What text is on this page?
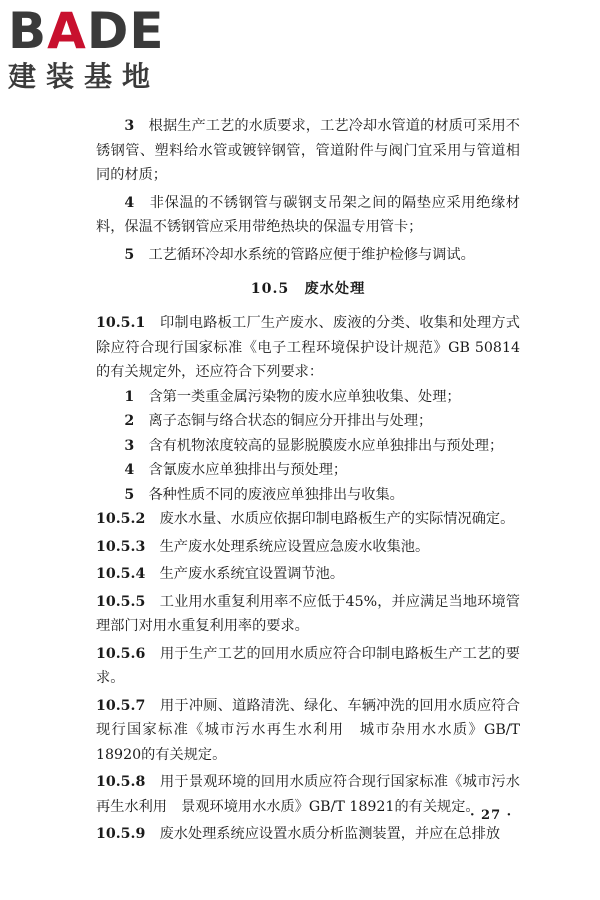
BADE
建装基地

3　 根据生产工艺的水质要求，工艺冷却水管道的材质可采用不锈钢管、塑料给水管或镀锌钢管，管道附件与阀门宜采用与管道相同的材质；

4　 非保温的不锈钢管与碳钢支吊架之间的隔垫应采用绝缘材料，保温不锈钢管应采用带绝热块的保温专用管卡；

5　 工艺循环冷却水系统的管路应便于维护检修与调试。

10.5　 废水处理

10.5.1　 印制电路板工厂生产废水、废液的分类、收集和处理方式除应符合现行国家标准《电子工程环境保护设计规范》GB 50814的有关规定外，还应符合下列要求：

1　 含第一类重金属污染物的废水应单独收集、处理；

2　 离子态铜与络合状态的铜应分开排出与处理；

3　 含有机物浓度较高的显影脱膜废水应单独排出与预处理；

4　 含氰废水应单独排出与预处理；

5　 各种性质不同的废液应单独排出与收集。

10.5.2　 废水水量、水质应依据印制电路板生产的实际情况确定。

10.5.3　 生产废水处理系统应设置应急废水收集池。

10.5.4　 生产废水系统宜设置调节池。

10.5.5　 工业用水重复利用率不应低于45%，并应满足当地环境管理部门对用水重复利用率的要求。

10.5.6　 用于生产工艺的回用水质应符合印制电路板生产工艺的要求。

10.5.7　 用于冲厕、道路清洗、绿化、车辆冲洗的回用水质应符合现行国家标准《城市污水再生水利用　城市杂用水水质》GB/T 18920的有关规定。

10.5.8　 用于景观环境的回用水质应符合现行国家标准《城市污水再生水利用　景观环境用水水质》GB/T 18921的有关规定。

10.5.9　 废水处理系统应设置水质分析监测装置，并应在总排放

· 27 ·
